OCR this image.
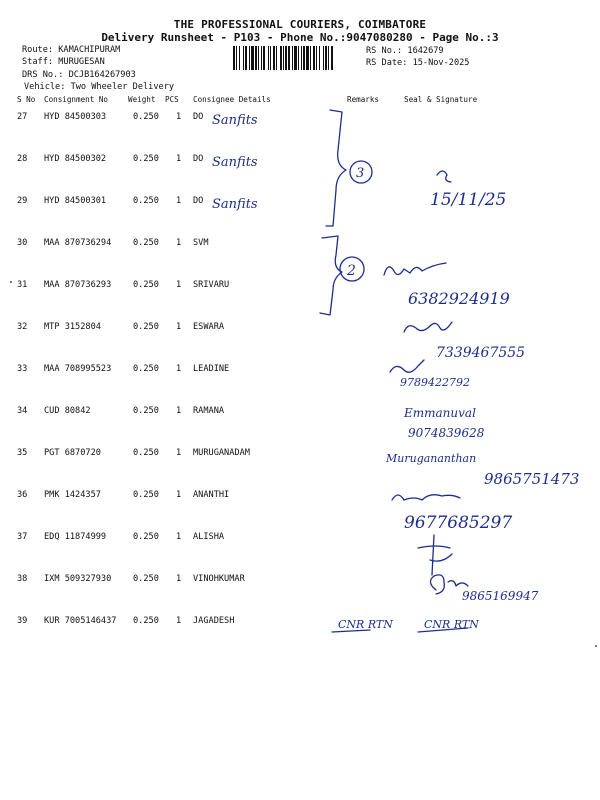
THE PROFESSIONAL COURIERS, COIMBATORE
Delivery Runsheet - P103 - Phone No.:9047080280 - Page No.:3
Route: KAMACHIPURAM
Staff: MURUGESAN
DRS No.: DCJB164267903
Vehicle: Two Wheeler Delivery
RS No.: 1642679
RS Date: 15-Nov-2025
S No Consignment No	Weight PCS Consignee Details	Remarks	Seal & Signature
27 HYD 84500303	0.250 1 DO
28 HYD 84500302	0.250 1 DO
29 HYD 84500301	0.250 1 DO
30 MAA 870736294	0.250 1 SVM
31 MAA 870736293	0.250 1 SRIVARU
32 MTP 3152804	0.250 1 ESWARA
33 MAA 708995523	0.250 1 LEADINE
34 CUD 80842	0.250 1 RAMANA
35 PGT 6870720	0.250 1 MURUGANADAM
36 PMK 1424357	0.250 1 ANANTHI
37 EDQ 11874999	0.250 1 ALISHA
38 IXM 509327930	0.250 1 VINOHKUMAR
39 KUR 7005146437 0.250 1 JAGADESH
Sanfits
Sanfits
Sanfits
3
15/11/25
2
6382924919
7339467555
9789422792
Emmanuval
9074839628
Murugananthan
9865751473
9677685297
9865169947
CNR RTN	CNR RTN
